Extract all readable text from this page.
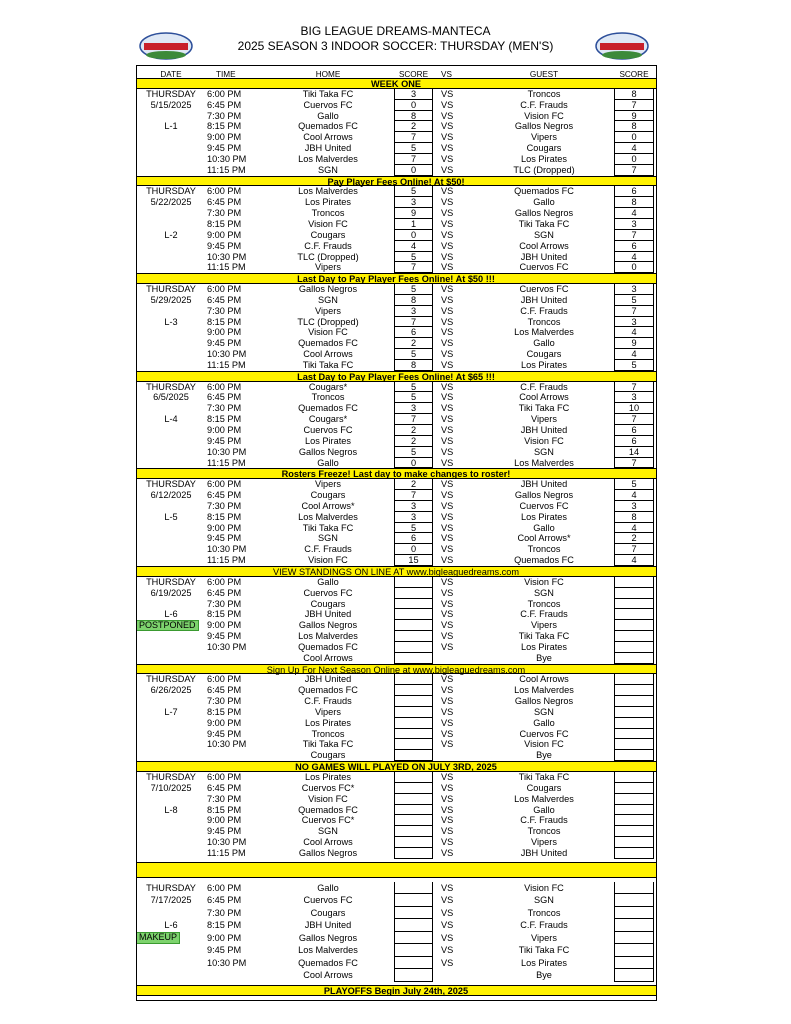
BIG LEAGUE DREAMS-MANTECA
2025 SEASON 3 INDOOR SOCCER: THURSDAY (MEN'S)
DATE	TIME	HOME	SCORE	VS	GUEST	SCORE
WEEK ONE
THURSDAY	6:00 PM	Tiki Taka FC	3	VS	Troncos	8
5/15/2025	6:45 PM	Cuervos FC	0	VS	C.F. Frauds	7
7:30 PM	Gallo	8	VS	Vision FC	9
L-1	8:15 PM	Quemados FC	2	VS	Gallos Negros	8
9:00 PM	Cool Arrows	7	VS	Vipers	0
9:45 PM	JBH United	5	VS	Cougars	4
10:30 PM	Los Malverdes	7	VS	Los Pirates	0
11:15 PM	SGN	0	VS	TLC (Dropped)	7
Pay Player Fees Online! At $50!
THURSDAY	6:00 PM	Los Malverdes	5	VS	Quemados FC	6
5/22/2025	6:45 PM	Los Pirates	3	VS	Gallo	8
7:30 PM	Troncos	9	VS	Gallos Negros	4
8:15 PM	Vision FC	1	VS	Tiki Taka FC	3
L-2	9:00 PM	Cougars	0	VS	SGN	7
9:45 PM	C.F. Frauds	4	VS	Cool Arrows	6
10:30 PM	TLC (Dropped)	5	VS	JBH United	4
11:15 PM	Vipers	7	VS	Cuervos FC	0
Last Day to Pay Player Fees Online! At $50 !!!
THURSDAY	6:00 PM	Gallos Negros	5	VS	Cuervos FC	3
5/29/2025	6:45 PM	SGN	8	VS	JBH United	5
7:30 PM	Vipers	3	VS	C.F. Frauds	7
L-3	8:15 PM	TLC (Dropped)	7	VS	Troncos	3
9:00 PM	Vision FC	6	VS	Los Malverdes	4
9:45 PM	Quemados FC	2	VS	Gallo	9
10:30 PM	Cool Arrows	5	VS	Cougars	4
11:15 PM	Tiki Taka FC	8	VS	Los Pirates	5
Last Day to Pay Player Fees Online! At $65 !!!
THURSDAY	6:00 PM	Cougars*	5	VS	C.F. Frauds	7
6/5/2025	6:45 PM	Troncos	5	VS	Cool Arrows	3
7:30 PM	Quemados FC	3	VS	Tiki Taka FC	10
L-4	8:15 PM	Cougars*	7	VS	Vipers	7
9:00 PM	Cuervos FC	2	VS	JBH United	6
9:45 PM	Los Pirates	2	VS	Vision FC	6
10:30 PM	Gallos Negros	5	VS	SGN	14
11:15 PM	Gallo	0	VS	Los Malverdes	7
Rosters Freeze! Last day to make changes to roster!
THURSDAY	6:00 PM	Vipers	2	VS	JBH United	5
6/12/2025	6:45 PM	Cougars	7	VS	Gallos Negros	4
7:30 PM	Cool Arrows*	3	VS	Cuervos FC	3
L-5	8:15 PM	Los Malverdes	3	VS	Los Pirates	8
9:00 PM	Tiki Taka FC	5	VS	Gallo	4
9:45 PM	SGN	6	VS	Cool Arrows*	2
10:30 PM	C.F. Frauds	0	VS	Troncos	7
11:15 PM	Vision FC	15	VS	Quemados FC	4
VIEW STANDINGS ON LINE AT www.bigleaguedreams.com
THURSDAY	6:00 PM	Gallo	VS	Vision FC
6/19/2025	6:45 PM	Cuervos FC	VS	SGN
7:30 PM	Cougars	VS	Troncos
L-6	8:15 PM	JBH United	VS	C.F. Frauds
POSTPONED	9:00 PM	Gallos Negros	VS	Vipers
9:45 PM	Los Malverdes	VS	Tiki Taka FC
10:30 PM	Quemados FC	VS	Los Pirates
Cool Arrows	Bye
Sign Up For Next Season Online at www.bigleaguedreams.com
THURSDAY	6:00 PM	JBH United	VS	Cool Arrows
6/26/2025	6:45 PM	Quemados FC	VS	Los Malverdes
7:30 PM	C.F. Frauds	VS	Gallos Negros
L-7	8:15 PM	Vipers	VS	SGN
9:00 PM	Los Pirates	VS	Gallo
9:45 PM	Troncos	VS	Cuervos FC
10:30 PM	Tiki Taka FC	VS	Vision FC
Cougars	Bye
NO GAMES WILL PLAYED ON JULY 3RD, 2025
THURSDAY	6:00 PM	Los Pirates	VS	Tiki Taka FC
7/10/2025	6:45 PM	Cuervos FC*	VS	Cougars
7:30 PM	Vision FC	VS	Los Malverdes
L-8	8:15 PM	Quemados FC	VS	Gallo
9:00 PM	Cuervos FC*	VS	C.F. Frauds
9:45 PM	SGN	VS	Troncos
10:30 PM	Cool Arrows	VS	Vipers
11:15 PM	Gallos Negros	VS	JBH United
THURSDAY	6:00 PM	Gallo	VS	Vision FC
7/17/2025	6:45 PM	Cuervos FC	VS	SGN
7:30 PM	Cougars	VS	Troncos
L-6	8:15 PM	JBH United	VS	C.F. Frauds
MAKEUP	9:00 PM	Gallos Negros	VS	Vipers
9:45 PM	Los Malverdes	VS	Tiki Taka FC
10:30 PM	Quemados FC	VS	Los Pirates
Cool Arrows	Bye
PLAYOFFS Begin July 24th, 2025
